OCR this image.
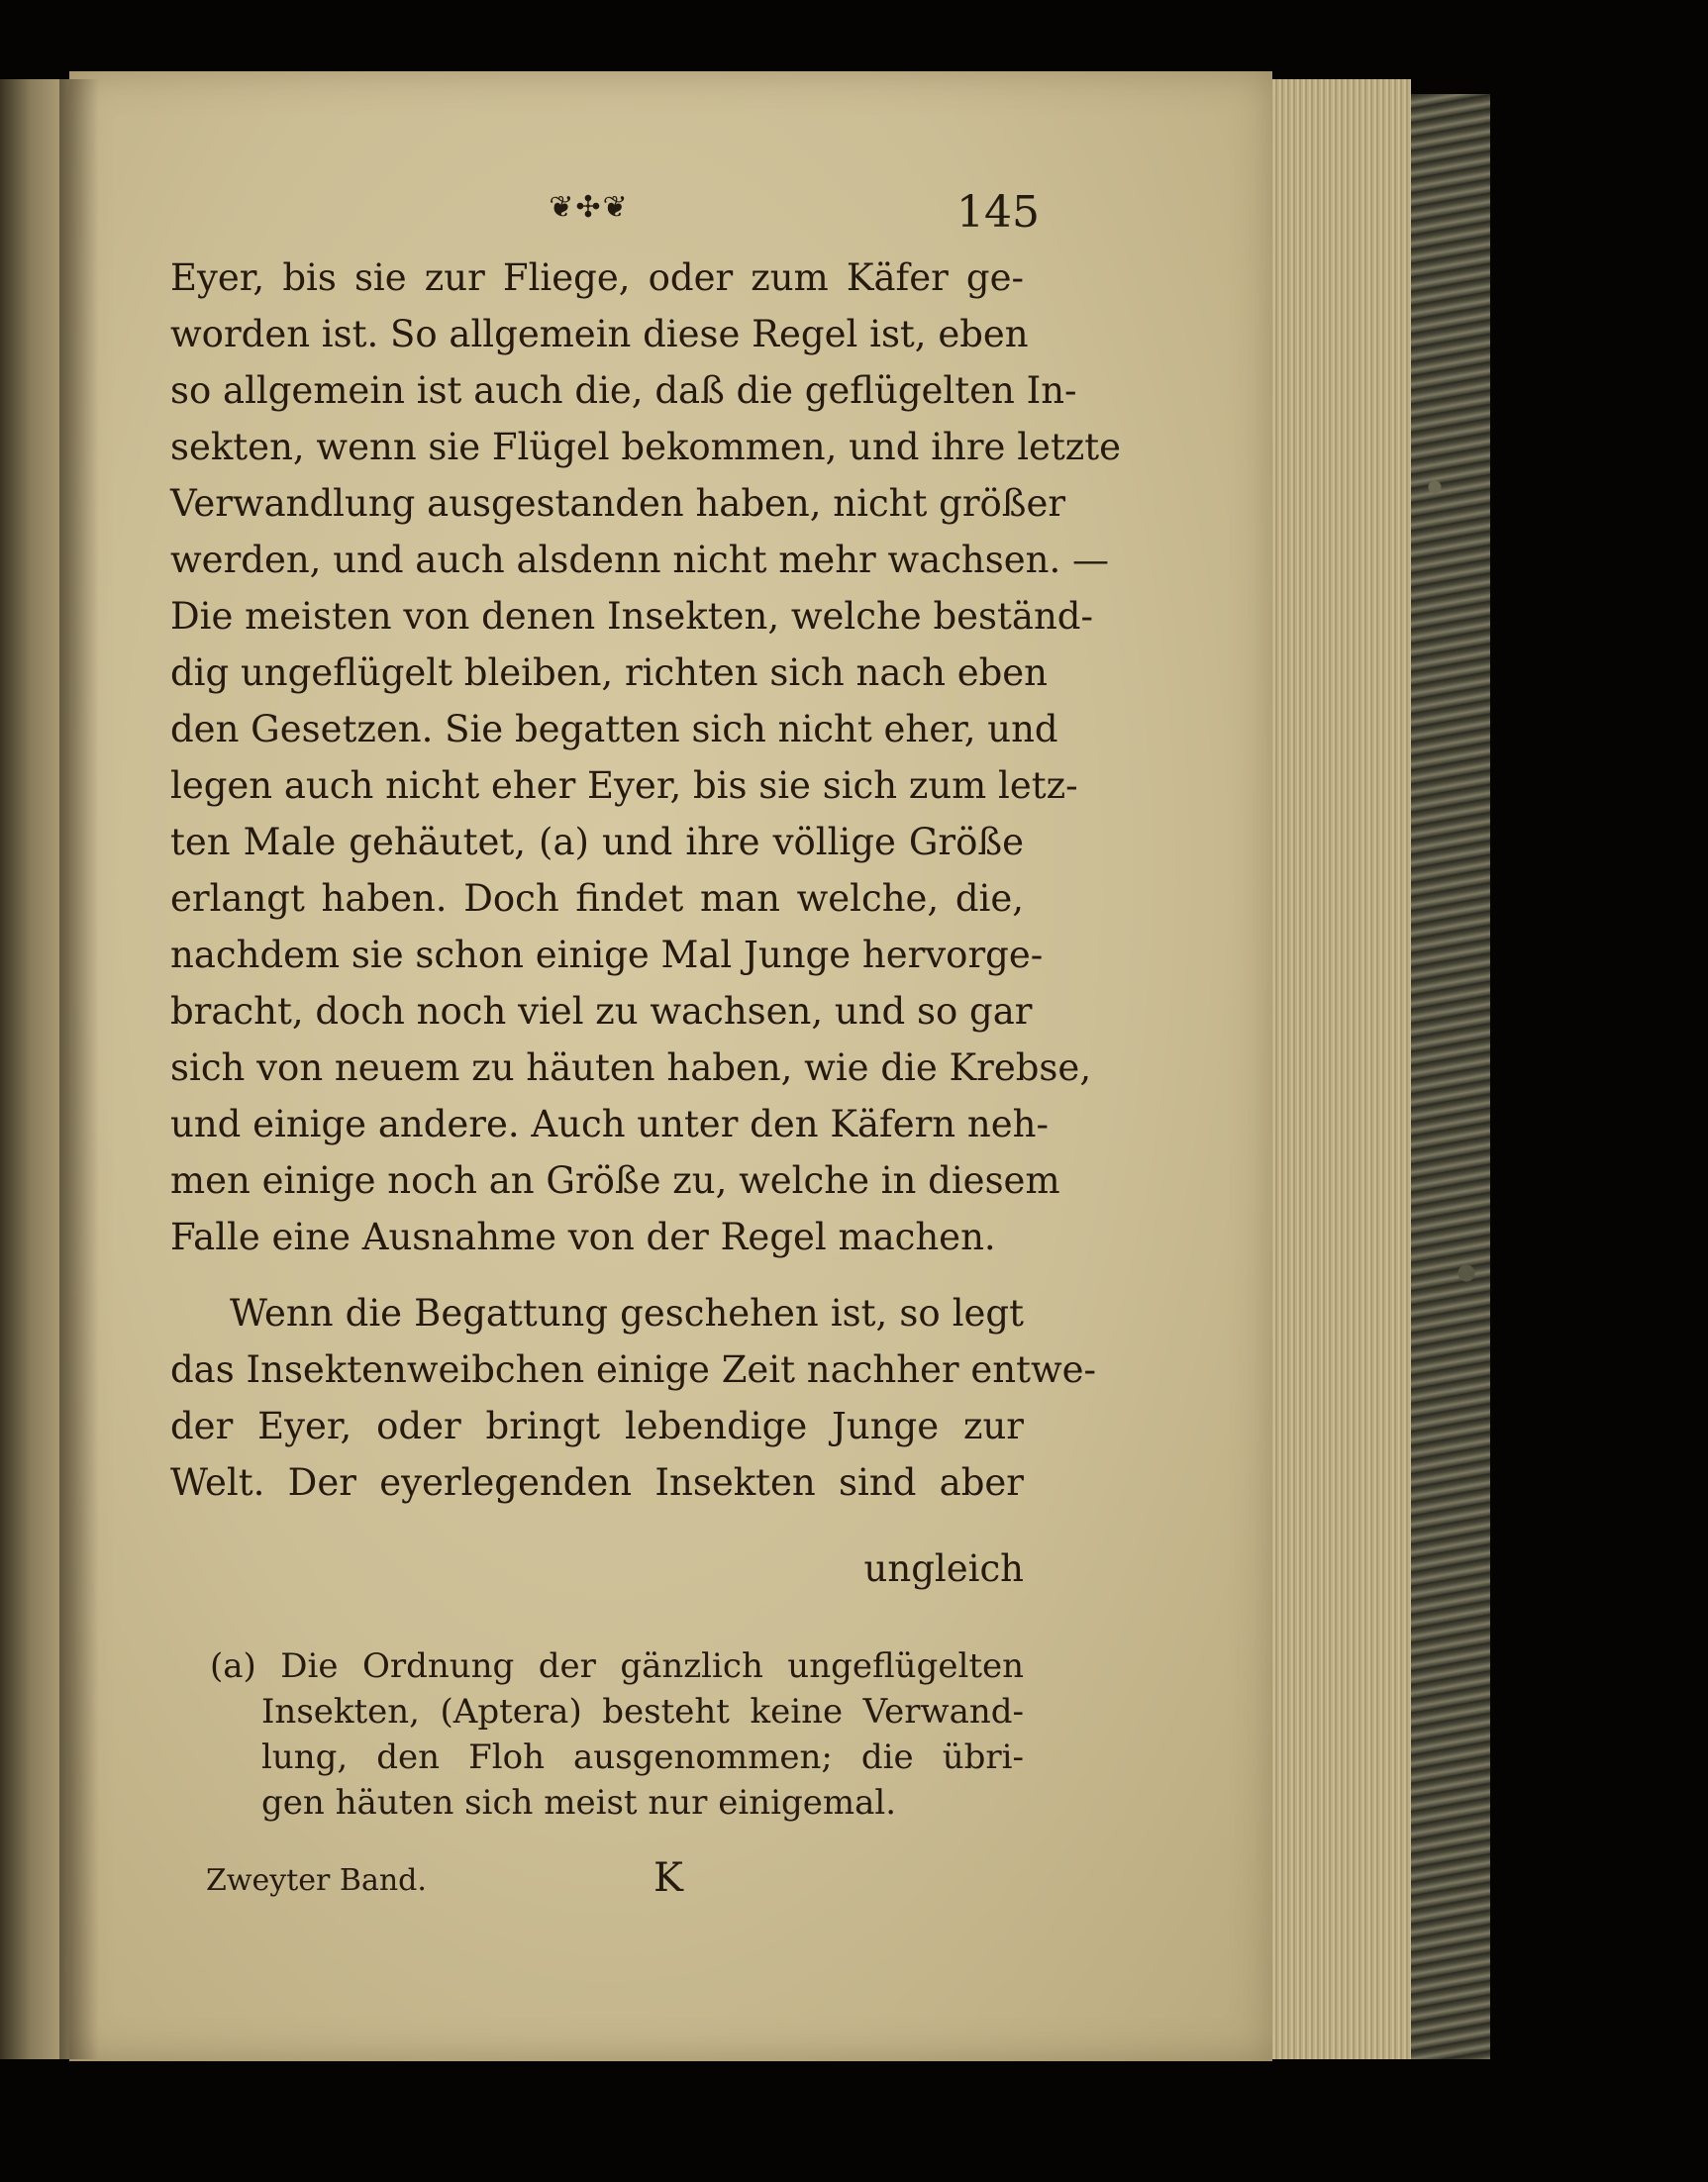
❦✣❦	145
Eyer, bis sie zur Fliege, oder zum Käfer ge-
worden ist. So allgemein diese Regel ist, eben
so allgemein ist auch die, daß die geflügelten In-
sekten, wenn sie Flügel bekommen, und ihre letzte
Verwandlung ausgestanden haben, nicht größer
werden, und auch alsdenn nicht mehr wachsen. —
Die meisten von denen Insekten, welche beständ-
dig ungeflügelt bleiben, richten sich nach eben
den Gesetzen. Sie begatten sich nicht eher, und
legen auch nicht eher Eyer, bis sie sich zum letz-
ten Male gehäutet, (a) und ihre völlige Größe
erlangt haben. Doch findet man welche, die,
nachdem sie schon einige Mal Junge hervorge-
bracht, doch noch viel zu wachsen, und so gar
sich von neuem zu häuten haben, wie die Krebse,
und einige andere. Auch unter den Käfern neh-
men einige noch an Größe zu, welche in diesem
Falle eine Ausnahme von der Regel machen.
Wenn die Begattung geschehen ist, so legt
das Insektenweibchen einige Zeit nachher entwe-
der Eyer, oder bringt lebendige Junge zur
Welt. Der eyerlegenden Insekten sind aber
ungleich
(a) Die Ordnung der gänzlich ungeflügelten
Insekten, (Aptera) besteht keine Verwand-
lung, den Floh ausgenommen; die übri-
gen häuten sich meist nur einigemal.
Zweyter Band.	K
